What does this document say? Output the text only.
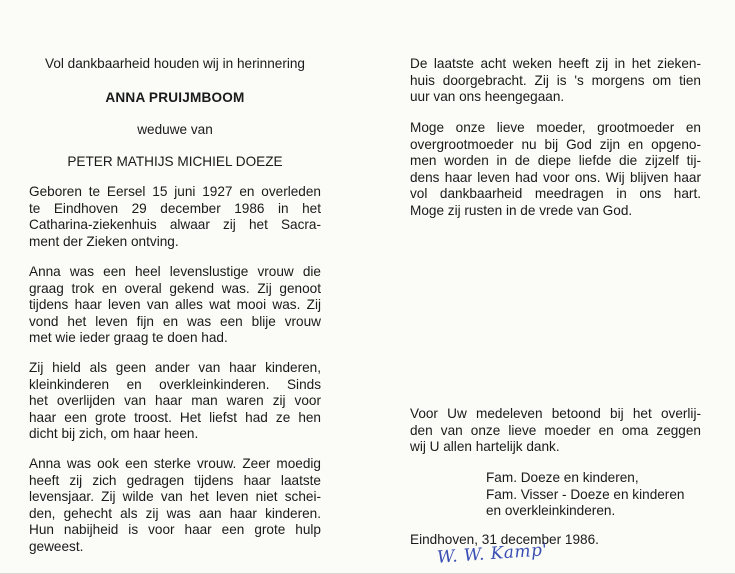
Vol dankbaarheid houden wij in herinnering
ANNA PRUIJMBOOM
weduwe van
PETER MATHIJS MICHIEL DOEZE
Geboren te Eersel 15 juni 1927 en overleden
te Eindhoven 29 december 1986 in het
Catharina-ziekenhuis alwaar zij het Sacra-
ment der Zieken ontving.
Anna was een heel levenslustige vrouw die
graag trok en overal gekend was. Zij genoot
tijdens haar leven van alles wat mooi was. Zij
vond het leven fijn en was een blije vrouw
met wie ieder graag te doen had.
Zij hield als geen ander van haar kinderen,
kleinkinderen en overkleinkinderen. Sinds
het overlijden van haar man waren zij voor
haar een grote troost. Het liefst had ze hen
dicht bij zich, om haar heen.
Anna was ook een sterke vrouw. Zeer moedig
heeft zij zich gedragen tijdens haar laatste
levensjaar. Zij wilde van het leven niet schei-
den, gehecht als zij was aan haar kinderen.
Hun nabijheid is voor haar een grote hulp
geweest.
De laatste acht weken heeft zij in het zieken-
huis doorgebracht. Zij is 's morgens om tien
uur van ons heengegaan.
Moge onze lieve moeder, grootmoeder en
overgrootmoeder nu bij God zijn en opgeno-
men worden in de diepe liefde die zijzelf tij-
dens haar leven had voor ons. Wij blijven haar
vol dankbaarheid meedragen in ons hart.
Moge zij rusten in de vrede van God.
Voor Uw medeleven betoond bij het overlij-
den van onze lieve moeder en oma zeggen
wij U allen hartelijk dank.
Fam. Doeze en kinderen,
Fam. Visser - Doeze en kinderen
en overkleinkinderen.
Eindhoven, 31 december 1986.
W. W. Kamp'
